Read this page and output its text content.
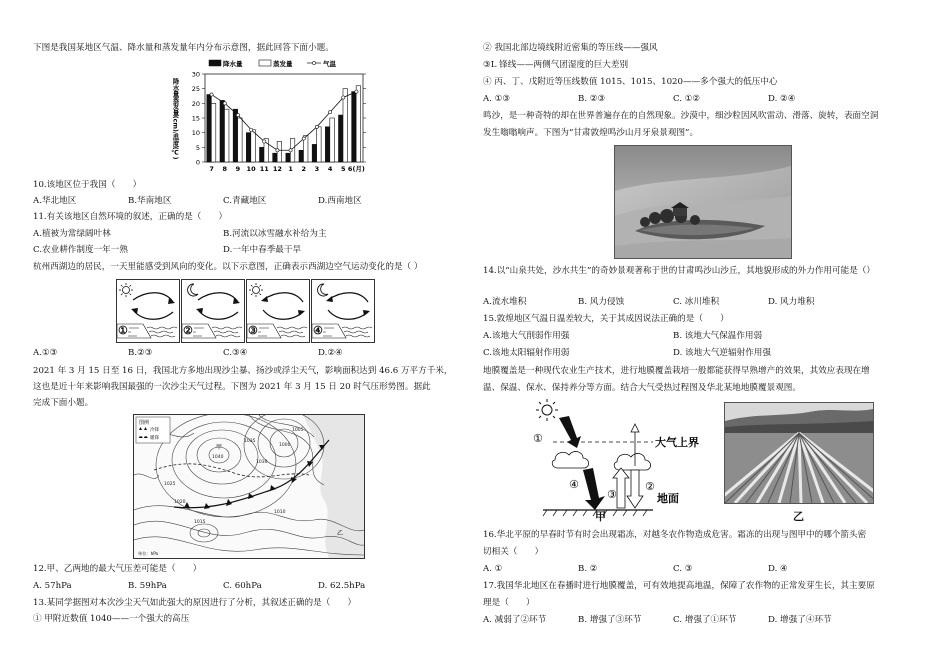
下图是我国某地区气温、降水量和蒸发量年内分布示意图，据此回答下面小题。
0
5
10
15
20
25
30
7 8 9 10 11 12 1 2 3 4 5 6(月)
降水量蒸发量(cm)/温度(℃)
降水量	蒸发量	气温
10.该地区位于我国（　　）
A.华北地区	B.华南地区	C.青藏地区	D.西南地区
11.有关该地区自然环境的叙述，正确的是（　　）
A.植被为常绿阔叶林	B.河流以冰雪融水补给为主
C.农业耕作制度一年一熟	D.一年中春季最干旱
杭州西湖边的居民，一天里能感受到风向的变化。以下示意图，正确表示西湖边空气运动变化的是（ ）
①	②	③	④
A.①③	B.②③	C.③④	D.②④
2021 年 3 月 15 日至 16 日，我国北方多地出现沙尘暴、扬沙或浮尘天气，影响面积达到 46.6 万平方千米，
这也是近十年来影响我国最强的一次沙尘天气过程。下图为 2021 年 3 月 15 日 20 时气压形势图。据此
完成下面小题。
1040
1035
1030
1025
1020
1015
1010
1005
1000
甲
乙
图例
冷锋
暖锋
单位：hPa
12.甲、乙两地的最大气压差可能是（　　）
A. 57hPa	B. 59hPa	C. 60hPa	D. 62.5hPa
13.某同学据图对本次沙尘天气如此强大的原因进行了分析，其叙述正确的是（　　）
① 甲附近数值 1040——一个强大的高压
② 我国北部边境线附近密集的等压线——强风
③L 锋线——两侧气团湿度的巨大差别
④ 丙、丁、戊附近等压线数值 1015、1015、1020——多个强大的低压中心
A. ①③	B. ②③	C. ①②	D. ②④
鸣沙，是一种奇特的却在世界普遍存在的自然现象。沙漠中，细沙粒因风吹雷动、滑落、旋转，表面空洞
发生嗡嗡响声。下图为“甘肃敦煌鸣沙山月牙泉景观图”。
14.以“山泉共处，沙水共生”的奇妙景观著称于世的甘肃鸣沙山沙丘，其地貌形成的外力作用可能是（）
A.流水堆积	B. 风力侵蚀	C. 冰川堆积	D. 风力堆积
15.敦煌地区气温日温差较大，关于其成因说法正确的是（　　）
A.该地大气削弱作用强	B. 该地大气保温作用弱
C.该地太阳辐射作用弱	D. 该地大气逆辐射作用强
地膜覆盖是一种现代农业生产技术，进行地膜覆盖栽培一般都能获得早熟增产的效果，其效应表现在增
温、保温、保水、保持养分等方面。结合大气受热过程图及华北某地地膜覆景观图。
大气上界
①
④
③
②
地面
甲	乙
16.华北平原的早春时节有时会出现霜冻，对越冬农作物造成危害。霜冻的出现与图甲中的哪个箭头密
切相关（　　）
A. ①	B. ②	C. ③	D. ④
17.我国华北地区在春播时进行地膜覆盖，可有效地提高地温，保障了农作物的正常发芽生长，其主要原
理是（　　）
A. 减弱了②环节	B. 增强了③环节	C. 增强了①环节	D. 增强了④环节
